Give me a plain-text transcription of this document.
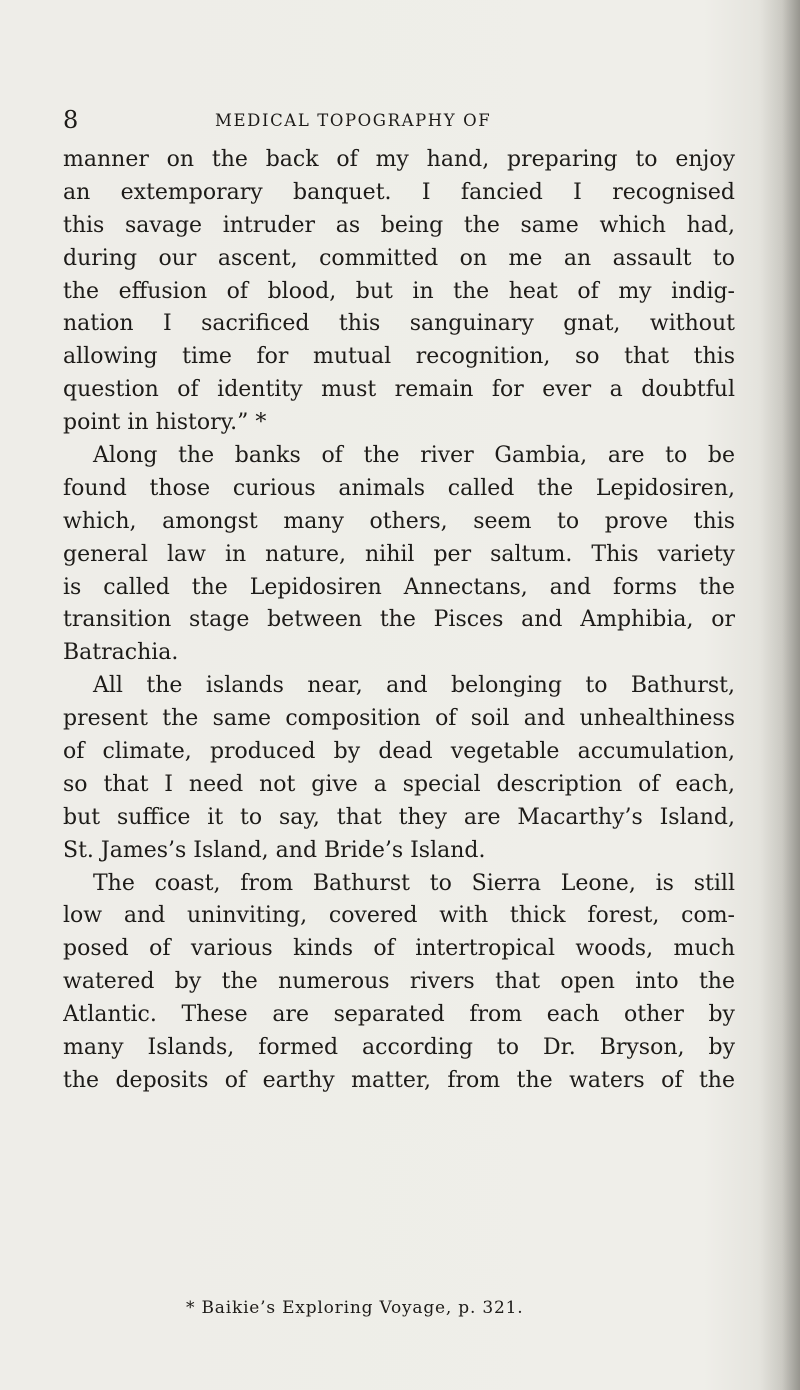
8	MEDICAL TOPOGRAPHY OF
manner on the back of my hand, preparing to enjoy
an extemporary banquet. I fancied I recognised
this savage intruder as being the same which had,
during our ascent, committed on me an assault to
the effusion of blood, but in the heat of my indig-
nation I sacrificed this sanguinary gnat, without
allowing time for mutual recognition, so that this
question of identity must remain for ever a doubtful
point in history.” *
Along the banks of the river Gambia, are to be
found those curious animals called the Lepidosiren,
which, amongst many others, seem to prove this
general law in nature, nihil per saltum. This variety
is called the Lepidosiren Annectans, and forms the
transition stage between the Pisces and Amphibia, or
Batrachia.
All the islands near, and belonging to Bathurst,
present the same composition of soil and unhealthiness
of climate, produced by dead vegetable accumulation,
so that I need not give a special description of each,
but suffice it to say, that they are Macarthy’s Island,
St. James’s Island, and Bride’s Island.
The coast, from Bathurst to Sierra Leone, is still
low and uninviting, covered with thick forest, com-
posed of various kinds of intertropical woods, much
watered by the numerous rivers that open into the
Atlantic. These are separated from each other by
many Islands, formed according to Dr. Bryson, by
the deposits of earthy matter, from the waters of the
* Baikie’s Exploring Voyage, p. 321.
